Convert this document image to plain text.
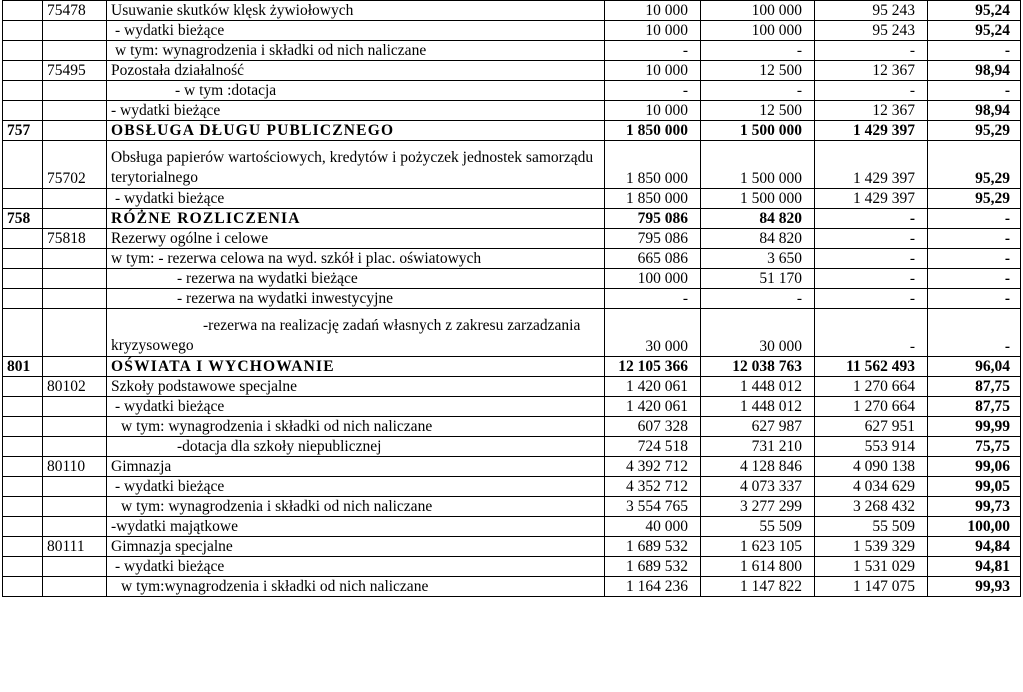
	75478	Usuwanie skutków klęsk żywiołowych	10 000	100 000	95 243	95,24
		- wydatki bieżące	10 000	100 000	95 243	95,24
		w tym: wynagrodzenia i składki od nich naliczane	-	-	-	-
	75495	Pozostała działalność	10 000	12 500	12 367	98,94
		- w tym :dotacja	-	-	-	-
		- wydatki bieżące	10 000	12 500	12 367	98,94
757		OBSŁUGA DŁUGU PUBLICZNEGO	1 850 000	1 500 000	1 429 397	95,29
	75702	Obsługa papierów wartościowych, kredytów i pożyczek jednostek samorządu terytorialnego	1 850 000	1 500 000	1 429 397	95,29
		- wydatki bieżące	1 850 000	1 500 000	1 429 397	95,29
758		RÓŻNE ROZLICZENIA	795 086	84 820	-	-
	75818	Rezerwy ogólne i celowe	795 086	84 820	-	-
		w tym: - rezerwa celowa na wyd. szkół i plac. oświatowych	665 086	3 650	-	-
		- rezerwa na wydatki bieżące	100 000	51 170	-	-
		- rezerwa na wydatki inwestycyjne	-	-	-	-
		-rezerwa na realizację zadań własnych z zakresu zarzadzania kryzysowego	30 000	30 000	-	-
801		OŚWIATA I WYCHOWANIE	12 105 366	12 038 763	11 562 493	96,04
	80102	Szkoły podstawowe specjalne	1 420 061	1 448 012	1 270 664	87,75
		- wydatki bieżące	1 420 061	1 448 012	1 270 664	87,75
		w tym: wynagrodzenia i składki od nich naliczane	607 328	627 987	627 951	99,99
		-dotacja dla szkoły niepublicznej	724 518	731 210	553 914	75,75
	80110	Gimnazja	4 392 712	4 128 846	4 090 138	99,06
		- wydatki bieżące	4 352 712	4 073 337	4 034 629	99,05
		w tym: wynagrodzenia i składki od nich naliczane	3 554 765	3 277 299	3 268 432	99,73
		-wydatki majątkowe	40 000	55 509	55 509	100,00
	80111	Gimnazja specjalne	1 689 532	1 623 105	1 539 329	94,84
		- wydatki bieżące	1 689 532	1 614 800	1 531 029	94,81
		w tym:wynagrodzenia i składki od nich naliczane	1 164 236	1 147 822	1 147 075	99,93
